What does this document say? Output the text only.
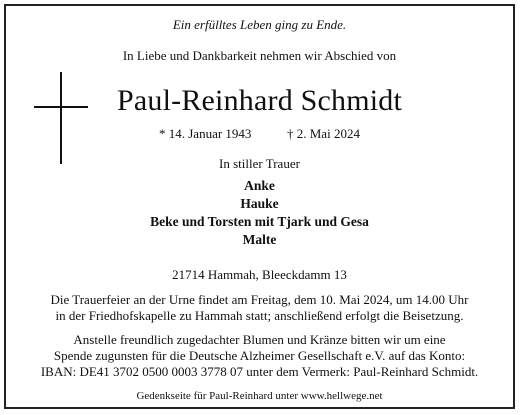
Ein erfülltes Leben ging zu Ende.
In Liebe und Dankbarkeit nehmen wir Abschied von
Paul-Reinhard Schmidt
* 14. Januar 1943	† 2. Mai 2024
In stiller Trauer
Anke
Hauke
Beke und Torsten mit Tjark und Gesa
Malte
21714 Hammah, Bleeckdamm 13
Die Trauerfeier an der Urne findet am Freitag, dem 10. Mai 2024, um 14.00 Uhr
in der Friedhofskapelle zu Hammah statt; anschließend erfolgt die Beisetzung.
Anstelle freundlich zugedachter Blumen und Kränze bitten wir um eine
Spende zugunsten für die Deutsche Alzheimer Gesellschaft e.V. auf das Konto:
IBAN: DE41 3702 0500 0003 3778 07 unter dem Vermerk: Paul-Reinhard Schmidt.
Gedenkseite für Paul-Reinhard unter www.hellwege.net
